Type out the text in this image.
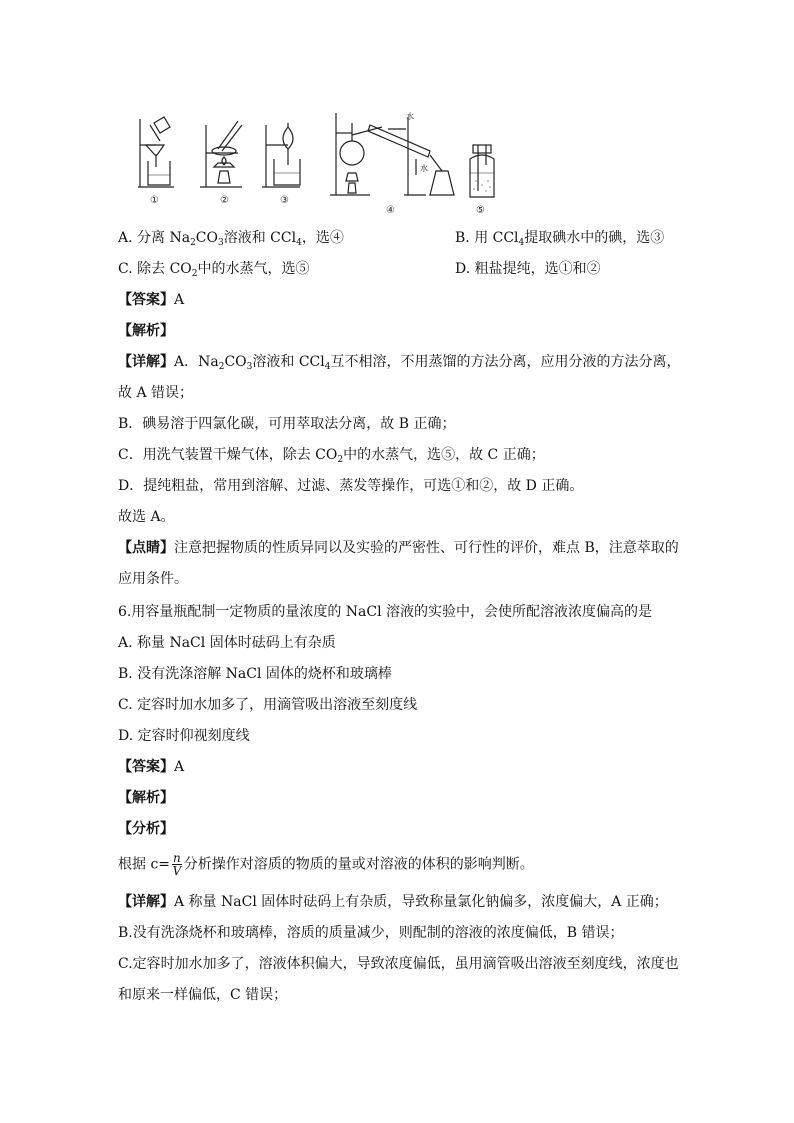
①	②	③
④	⑤
水
水
A. 分离 $Na_2CO_3$溶液和 CCl$_4$，选④	B. 用 CCl$_4$提取碘水中的碘，选③
C. 除去 $CO_2$中的水蒸气，选⑤	D. 粗盐提纯，选①和②
【答案】A
【解析】
【详解】A．$Na_2CO_3$溶液和 CCl$_4$互不相溶，不用蒸馏的方法分离，应用分液的方法分离，
故 A 错误；
B．碘易溶于四氯化碳，可用萃取法分离，故 B 正确；
C．用洗气装置干燥气体，除去 $CO_2$中的水蒸气，选⑤，故 C 正确；
D．提纯粗盐，常用到溶解、过滤、蒸发等操作，可选①和②，故 D 正确。
故选 A。
【点睛】注意把握物质的性质异同以及实验的严密性、可行性的评价，难点 B，注意萃取的
应用条件。
6.用容量瓶配制一定物质的量浓度的 NaCl 溶液的实验中，会使所配溶液浓度偏高的是
A. 称量 NaCl 固体时砝码上有杂质
B. 没有洗涤溶解 NaCl 固体的烧杯和玻璃棒
C. 定容时加水加多了，用滴管吸出溶液至刻度线
D. 定容时仰视刻度线
【答案】A
【解析】
【分析】
根据 $c= \frac{n}{V}$ 分析操作对溶质的物质的量或对溶液的体积的影响判断。
【详解】A 称量 NaCl 固体时砝码上有杂质，导致称量氯化钠偏多，浓度偏大，A 正确；
B.没有洗涤烧杯和玻璃棒，溶质的质量减少，则配制的溶液的浓度偏低，B 错误；
C.定容时加水加多了，溶液体积偏大，导致浓度偏低，虽用滴管吸出溶液至刻度线，浓度也
和原来一样偏低，C 错误；
